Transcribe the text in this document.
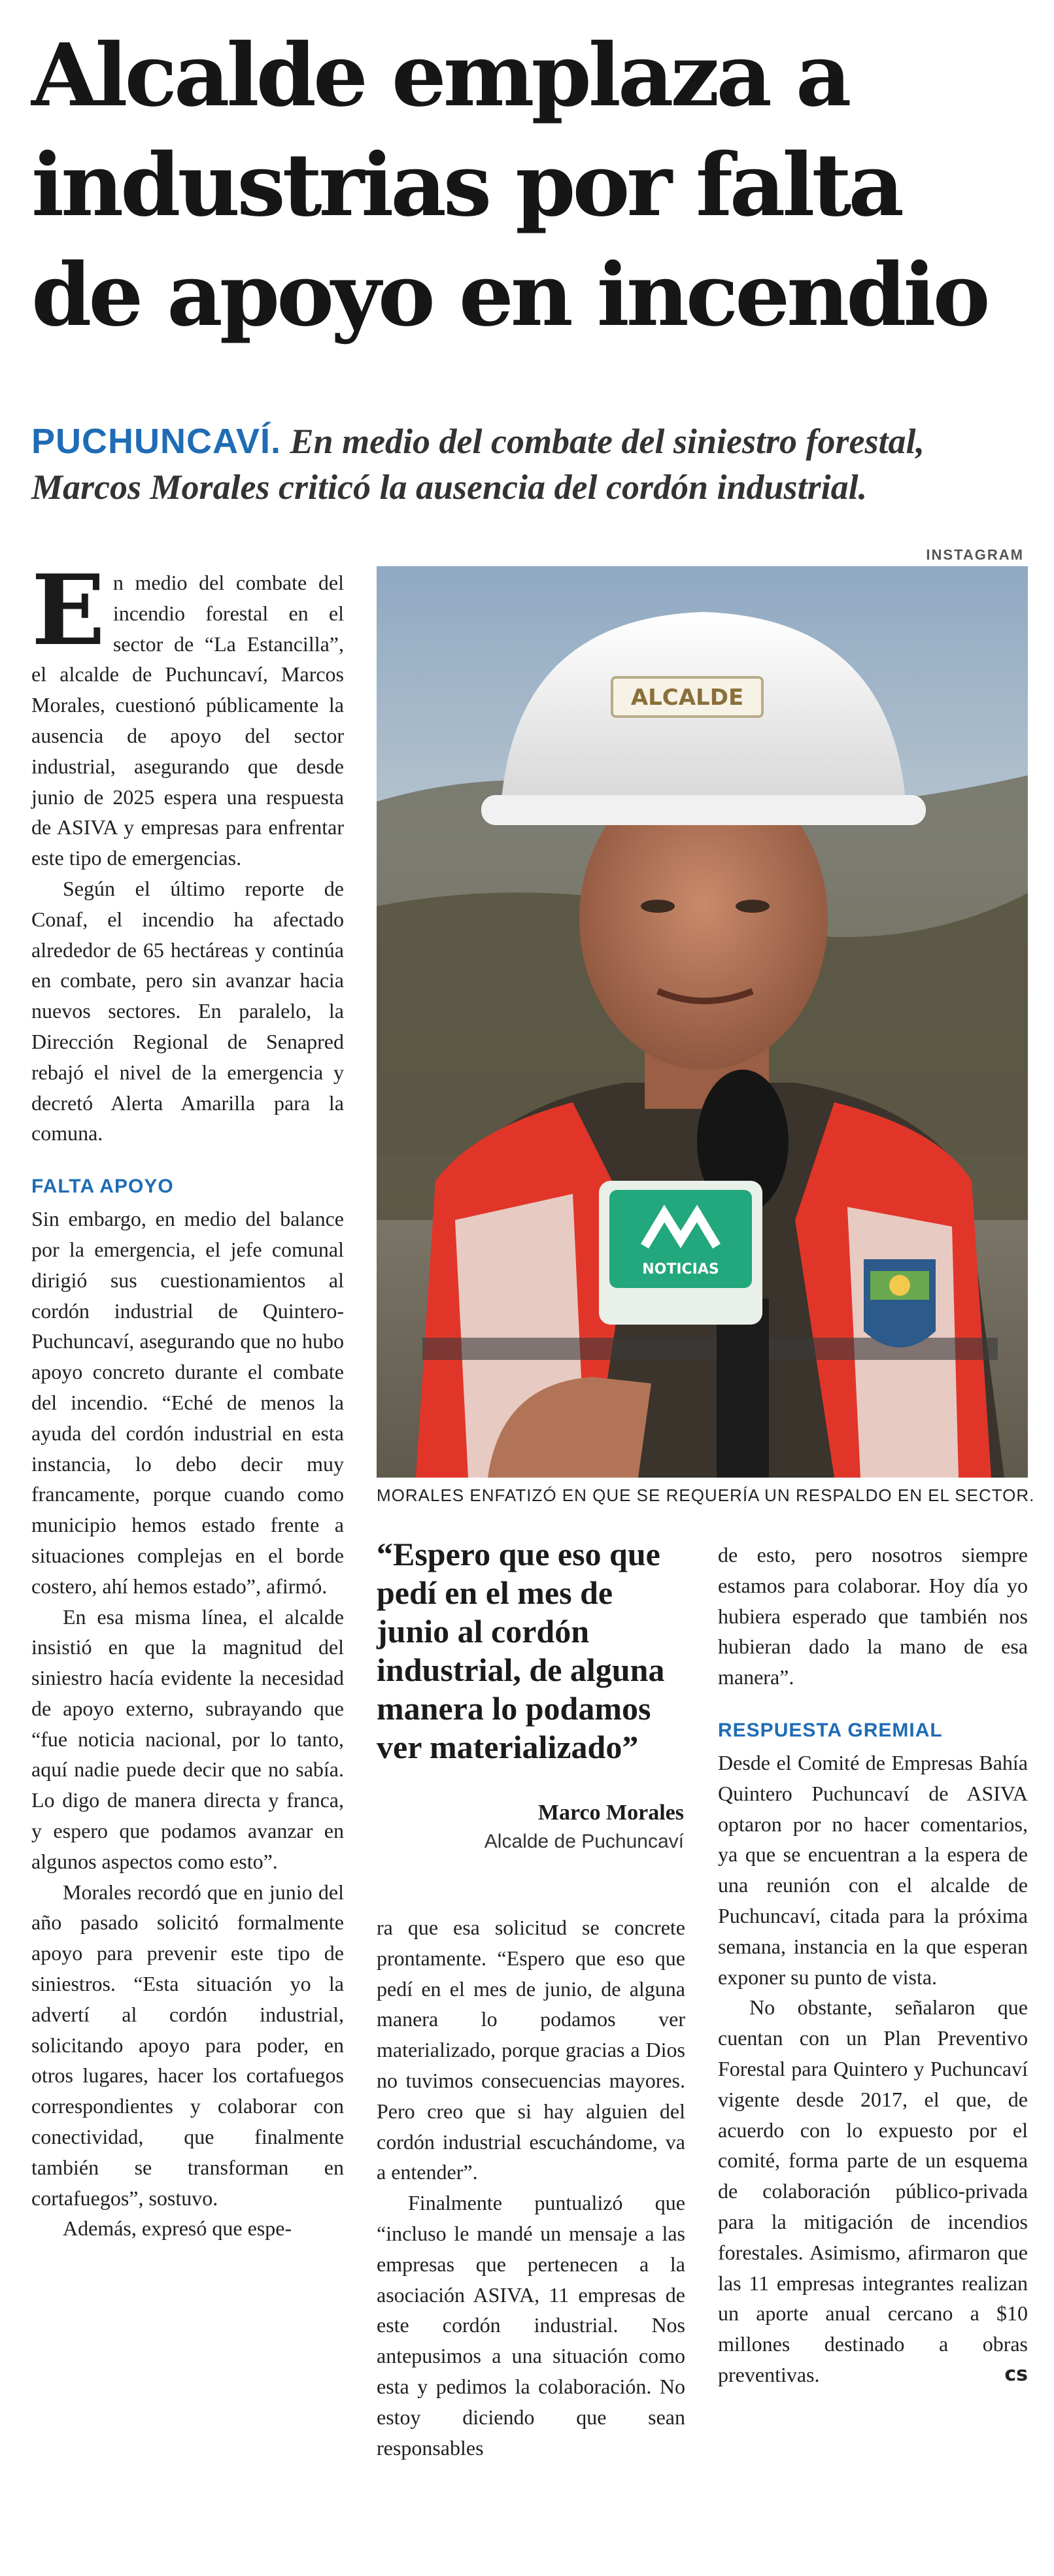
Alcalde emplaza a
industrias por falta
de apoyo en incendio

PUCHUNCAVÍ. En medio del combate del siniestro forestal,
Marcos Morales criticó la ausencia del cordón industrial.

INSTAGRAM

En medio del combate del incendio forestal en el sector de “La Estancilla”, el alcalde de Puchuncaví, Marcos Morales, cuestionó públicamente la ausencia de apoyo del sector industrial, asegurando que desde junio de 2025 espera una respuesta de ASIVA y empresas para enfrentar este tipo de emergencias.

Según el último reporte de Conaf, el incendio ha afectado alrededor de 65 hectáreas y continúa en combate, pero sin avanzar hacia nuevos sectores. En paralelo, la Dirección Regional de Senapred rebajó el nivel de la emergencia y decretó Alerta Amarilla para la comuna.

FALTA APOYO

Sin embargo, en medio del balance por la emergencia, el jefe comunal dirigió sus cuestionamientos al cordón industrial de Quintero-Puchuncaví, asegurando que no hubo apoyo concreto durante el combate del incendio. “Eché de menos la ayuda del cordón industrial en esta instancia, lo debo decir muy francamente, porque cuando como municipio hemos estado frente a situaciones complejas en el borde costero, ahí hemos estado”, afirmó.

En esa misma línea, el alcalde insistió en que la magnitud del siniestro hacía evidente la necesidad de apoyo externo, subrayando que “fue noticia nacional, por lo tanto, aquí nadie puede decir que no sabía. Lo digo de manera directa y franca, y espero que podamos avanzar en algunos aspectos como esto”.

Morales recordó que en junio del año pasado solicitó formalmente apoyo para prevenir este tipo de siniestros. “Esta situación yo la advertí al cordón industrial, solicitando apoyo para poder, en otros lugares, hacer los cortafuegos correspondientes y colaborar con conectividad, que finalmente también se transforman en cortafuegos”, sostuvo.

Además, expresó que espe-

ALCALDE
NOTICIAS

MORALES ENFATIZÓ EN QUE SE REQUERÍA UN RESPALDO EN EL SECTOR.

“Espero que eso que pedí en el mes de junio al cordón industrial, de alguna manera lo podamos ver materializado”

Marco Morales

Alcalde de Puchuncaví

ra que esa solicitud se concrete prontamente. “Espero que eso que pedí en el mes de junio, de alguna manera lo podamos ver materializado, porque gracias a Dios no tuvimos consecuencias mayores. Pero creo que si hay alguien del cordón industrial escuchándome, va a entender”.

Finalmente puntualizó que “incluso le mandé un mensaje a las empresas que pertenecen a la asociación ASIVA, 11 empresas de este cordón industrial. Nos antepusimos a una situación como esta y pedimos la colaboración. No estoy diciendo que sean responsables

de esto, pero nosotros siempre estamos para colaborar. Hoy día yo hubiera esperado que también nos hubieran dado la mano de esa manera”.

RESPUESTA GREMIAL

Desde el Comité de Empresas Bahía Quintero Puchuncaví de ASIVA optaron por no hacer comentarios, ya que se encuentran a la espera de una reunión con el alcalde de Puchuncaví, citada para la próxima semana, instancia en la que esperan exponer su punto de vista.

No obstante, señalaron que cuentan con un Plan Preventivo Forestal para Quintero y Puchuncaví vigente desde 2017, el que, de acuerdo con lo expuesto por el comité, forma parte de un esquema de colaboración público-privada para la mitigación de incendios forestales. Asimismo, afirmaron que las 11 empresas integrantes realizan un aporte anual cercano a $10 millones destinado a obras preventivas.	cs
